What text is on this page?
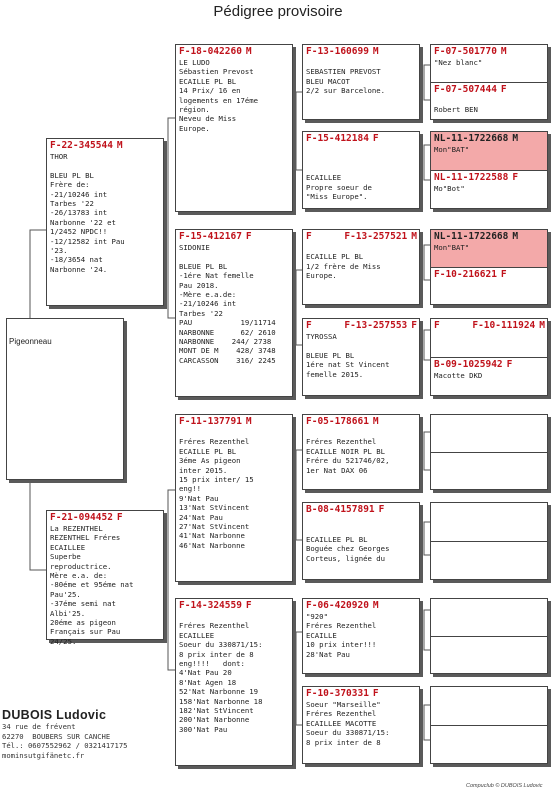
Pédigree provisoire
Pigeonneau
F-22-345544 M
THOR

BLEU PL BL
Frère de:
-21/10246 int
Tarbes '22
-26/13783 int
Narbonne '22 et
1/2452 NPDC!!
-12/12582 int Pau
'23.
-18/3654 nat
Narbonne '24.
F-21-094452 F
La REZENTHEL
REZENTHEL Fréres
ECAILLEE
Superbe
reproductrice.
Mère e.a. de:
-80éme et 95éme nat
Pau'25.
-37éme semi nat
Albi'25.
20éme as pigeon
Français sur Pau
24/25.
F-18-042260 M
LE LUDO
Sébastien Prevost
ECAILLE PL BL
14 Prix/ 16 en
logements en 17éme
région.
Neveu de Miss
Europe.
F-15-412167 F
SIDONIE

BLEUE PL BL
-1ére Nat femelle
Pau 2018.
-Mère e.a.de:
-21/10246 int
Tarbes '22
PAU           19/11714
NARBONNE      62/ 2610
NARBONNE    244/ 2738
MONT DE M    428/ 3748
CARCASSON    316/ 2245
F-11-137791 M

Fréres Rezenthel
ECAILLE PL BL
3éme As pigeon
inter 2015.
15 prix inter/ 15
eng!!
9'Nat Pau
13'Nat StVincent
24'Nat Pau
27'Nat StVincent
41'Nat Narbonne
46'Nat Narbonne
F-14-324559 F

Fréres Rezenthel
ECAILLEE
Soeur du 330871/15:
8 prix inter de 8
eng!!!!   dont:
4'Nat Pau 20
8'Nat Agen 18
52'Nat Narbonne 19
158'Nat Narbonne 18
182'Nat StVincent
200'Nat Narbonne
300'Nat Pau
F-13-160699 M

SEBASTIEN PREVOST
BLEU MACOT
2/2 sur Barcelone.
F-15-412184 F

ECAILLEE
Propre soeur de
"Miss Europe".
F	F-13-257521 M

ECAILLE PL BL
1/2 frère de Miss
Europe.
F	F-13-257553 F
TYROSSA

BLEUE PL BL
1ére nat St Vincent
femelle 2015.
F-05-178661 M

Fréres Rezenthel
ECAILLE NOIR PL BL
Frére du 521746/02,
1er Nat DAX 06
B-08-4157891 F

ECAILLEE PL BL
Boguée chez Georges
Corteus, lignée du
F-06-420920 M
"920"
Fréres Rezenthel
ECAILLE
10 prix inter!!!
28'Nat Pau
F-10-370331 F
Soeur "Marseille"
Fréres Rezenthel
ECAILLEE MACOTTE
Soeur du 330871/15:
8 prix inter de 8
F-07-501770 M
"Nez blanc"
F-07-507444 F

Robert BEN
NL-11-1722668 M
Mon"BAT"
NL-11-1722588 F
Mo"Bot"
NL-11-1722668 M
Mon"BAT"
F-10-216621 F
F	F-10-111924 M
B-09-1025942 F
Macotte DKD
DUBOIS Ludovic
34 rue de frévent
62270  BOUBERS SUR CANCHE
Tél.: 0607552962 / 0321417175
mominsutgifänetc.fr
Compuclub © DUBOIS Ludovic
